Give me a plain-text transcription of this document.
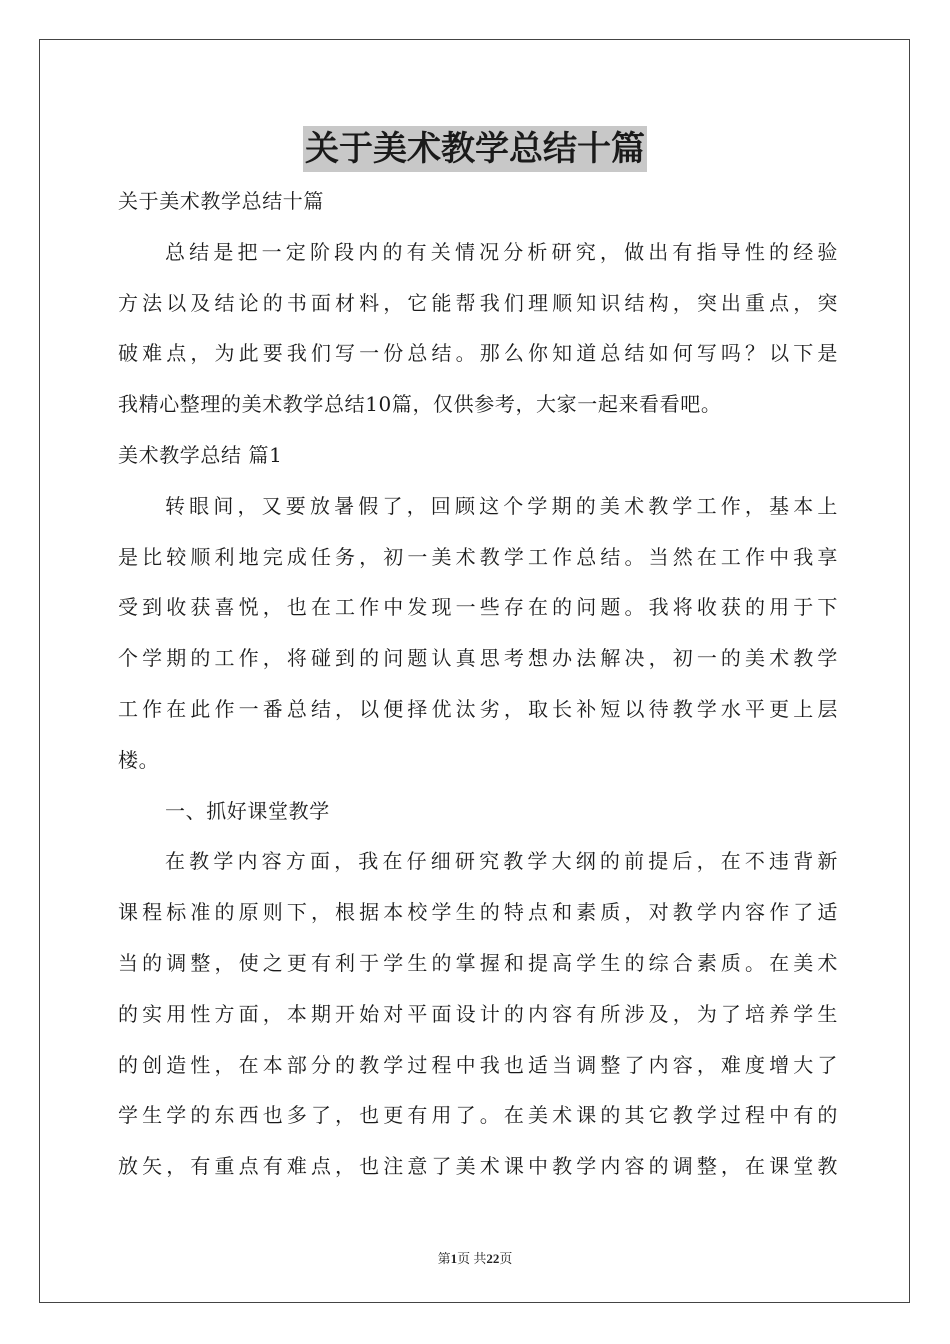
关于美术教学总结十篇
关于美术教学总结十篇
总结是把一定阶段内的有关情况分析研究，做出有指导性的经验
方法以及结论的书面材料，它能帮我们理顺知识结构，突出重点，突
破难点，为此要我们写一份总结。那么你知道总结如何写吗？以下是
我精心整理的美术教学总结10篇，仅供参考，大家一起来看看吧。
美术教学总结 篇1
转眼间，又要放暑假了，回顾这个学期的美术教学工作，基本上
是比较顺利地完成任务，初一美术教学工作总结。当然在工作中我享
受到收获喜悦，也在工作中发现一些存在的问题。我将收获的用于下
个学期的工作，将碰到的问题认真思考想办法解决，初一的美术教学
工作在此作一番总结，以便择优汰劣，取长补短以待教学水平更上层
楼。
一、抓好课堂教学
在教学内容方面，我在仔细研究教学大纲的前提后，在不违背新
课程标准的原则下，根据本校学生的特点和素质，对教学内容作了适
当的调整，使之更有利于学生的掌握和提高学生的综合素质。在美术
的实用性方面，本期开始对平面设计的内容有所涉及，为了培养学生
的创造性，在本部分的教学过程中我也适当调整了内容，难度增大了
学生学的东西也多了，也更有用了。在美术课的其它教学过程中有的
放矢，有重点有难点，也注意了美术课中教学内容的调整，在课堂教
第1页 共22页
